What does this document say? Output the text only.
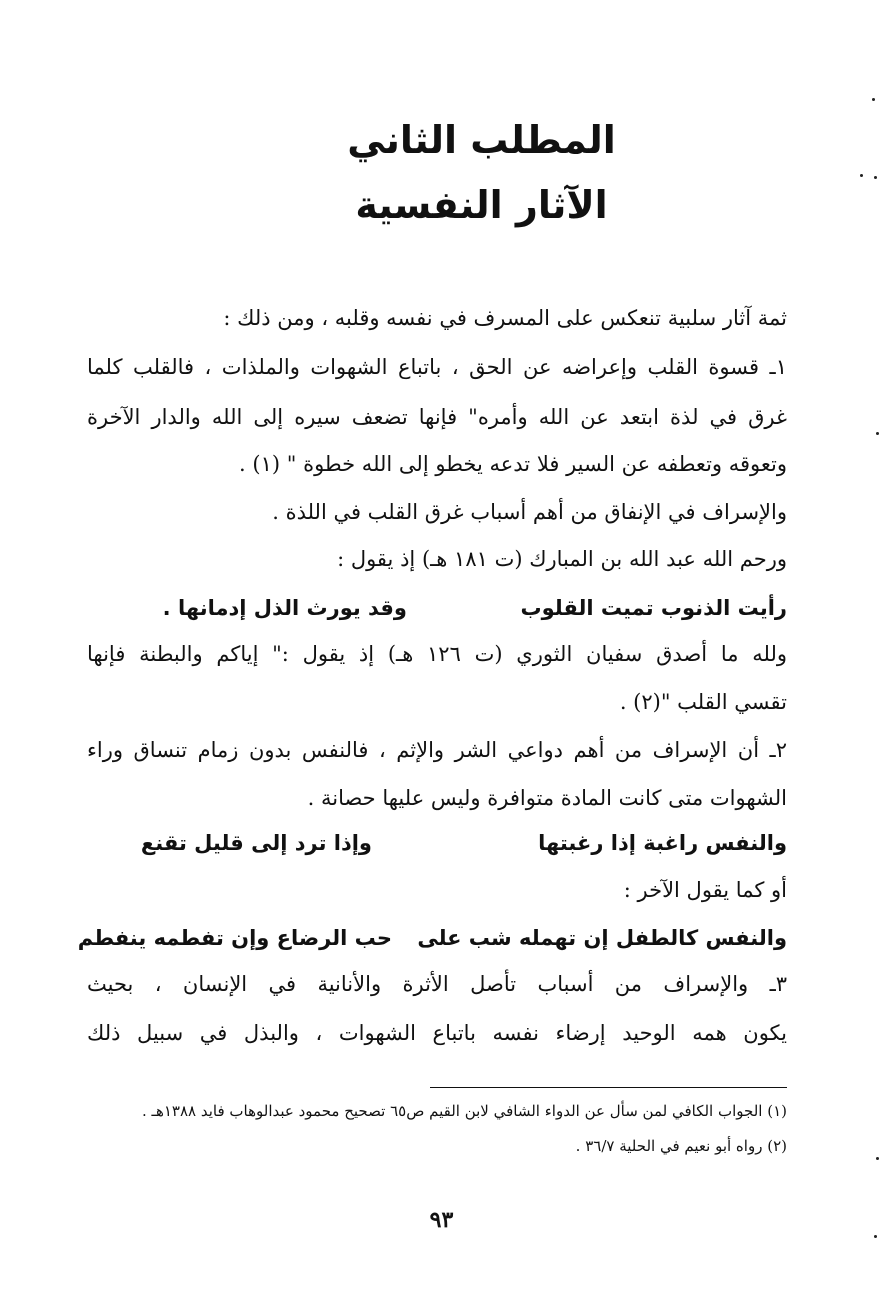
المطلب الثاني
الآثار النفسية
ثمة آثار سلبية تنعكس على المسرف في نفسه وقلبه ، ومن ذلك :
١ـ قسوة القلب وإعراضه عن الحق ، باتباع الشهوات والملذات ، فالقلب كلما
غرق في لذة ابتعد عن الله وأمره" فإنها تضعف سيره إلى الله والدار الآخرة
وتعوقه وتعطفه عن السير فلا تدعه يخطو إلى الله خطوة " (١) .
والإسراف في الإنفاق من أهم أسباب غرق القلب في اللذة .
ورحم الله عبد الله بن المبارك (ت ١٨١ هـ) إذ يقول :
رأيت الذنوب تميت القلوب
وقد يورث الذل إدمانها .
ولله ما أصدق سفيان الثوري (ت ١٢٦ هـ) إذ يقول :" إياكم والبطنة فإنها
تقسي القلب "(٢) .
٢ـ أن الإسراف من أهم دواعي الشر والإثم ، فالنفس بدون زمام تنساق وراء
الشهوات متى كانت المادة متوافرة وليس عليها حصانة .
والنفس راغبة إذا رغبتها
وإذا ترد إلى قليل تقنع
أو كما يقول الآخر :
والنفس كالطفل إن تهمله شب على
حب الرضاع وإن تفطمه ينفطم
٣ـ والإسراف من أسباب تأصل الأثرة والأنانية في الإنسان ، بحيث
يكون همه الوحيد إرضاء نفسه باتباع الشهوات ، والبذل في سبيل ذلك
(١) الجواب الكافي لمن سأل عن الدواء الشافي لابن القيم ص٦٥ تصحيح محمود عبدالوهاب فايد ١٣٨٨هـ .
(٢) رواه أبو نعيم في الحلية ٣٦/٧ .
٩٣
